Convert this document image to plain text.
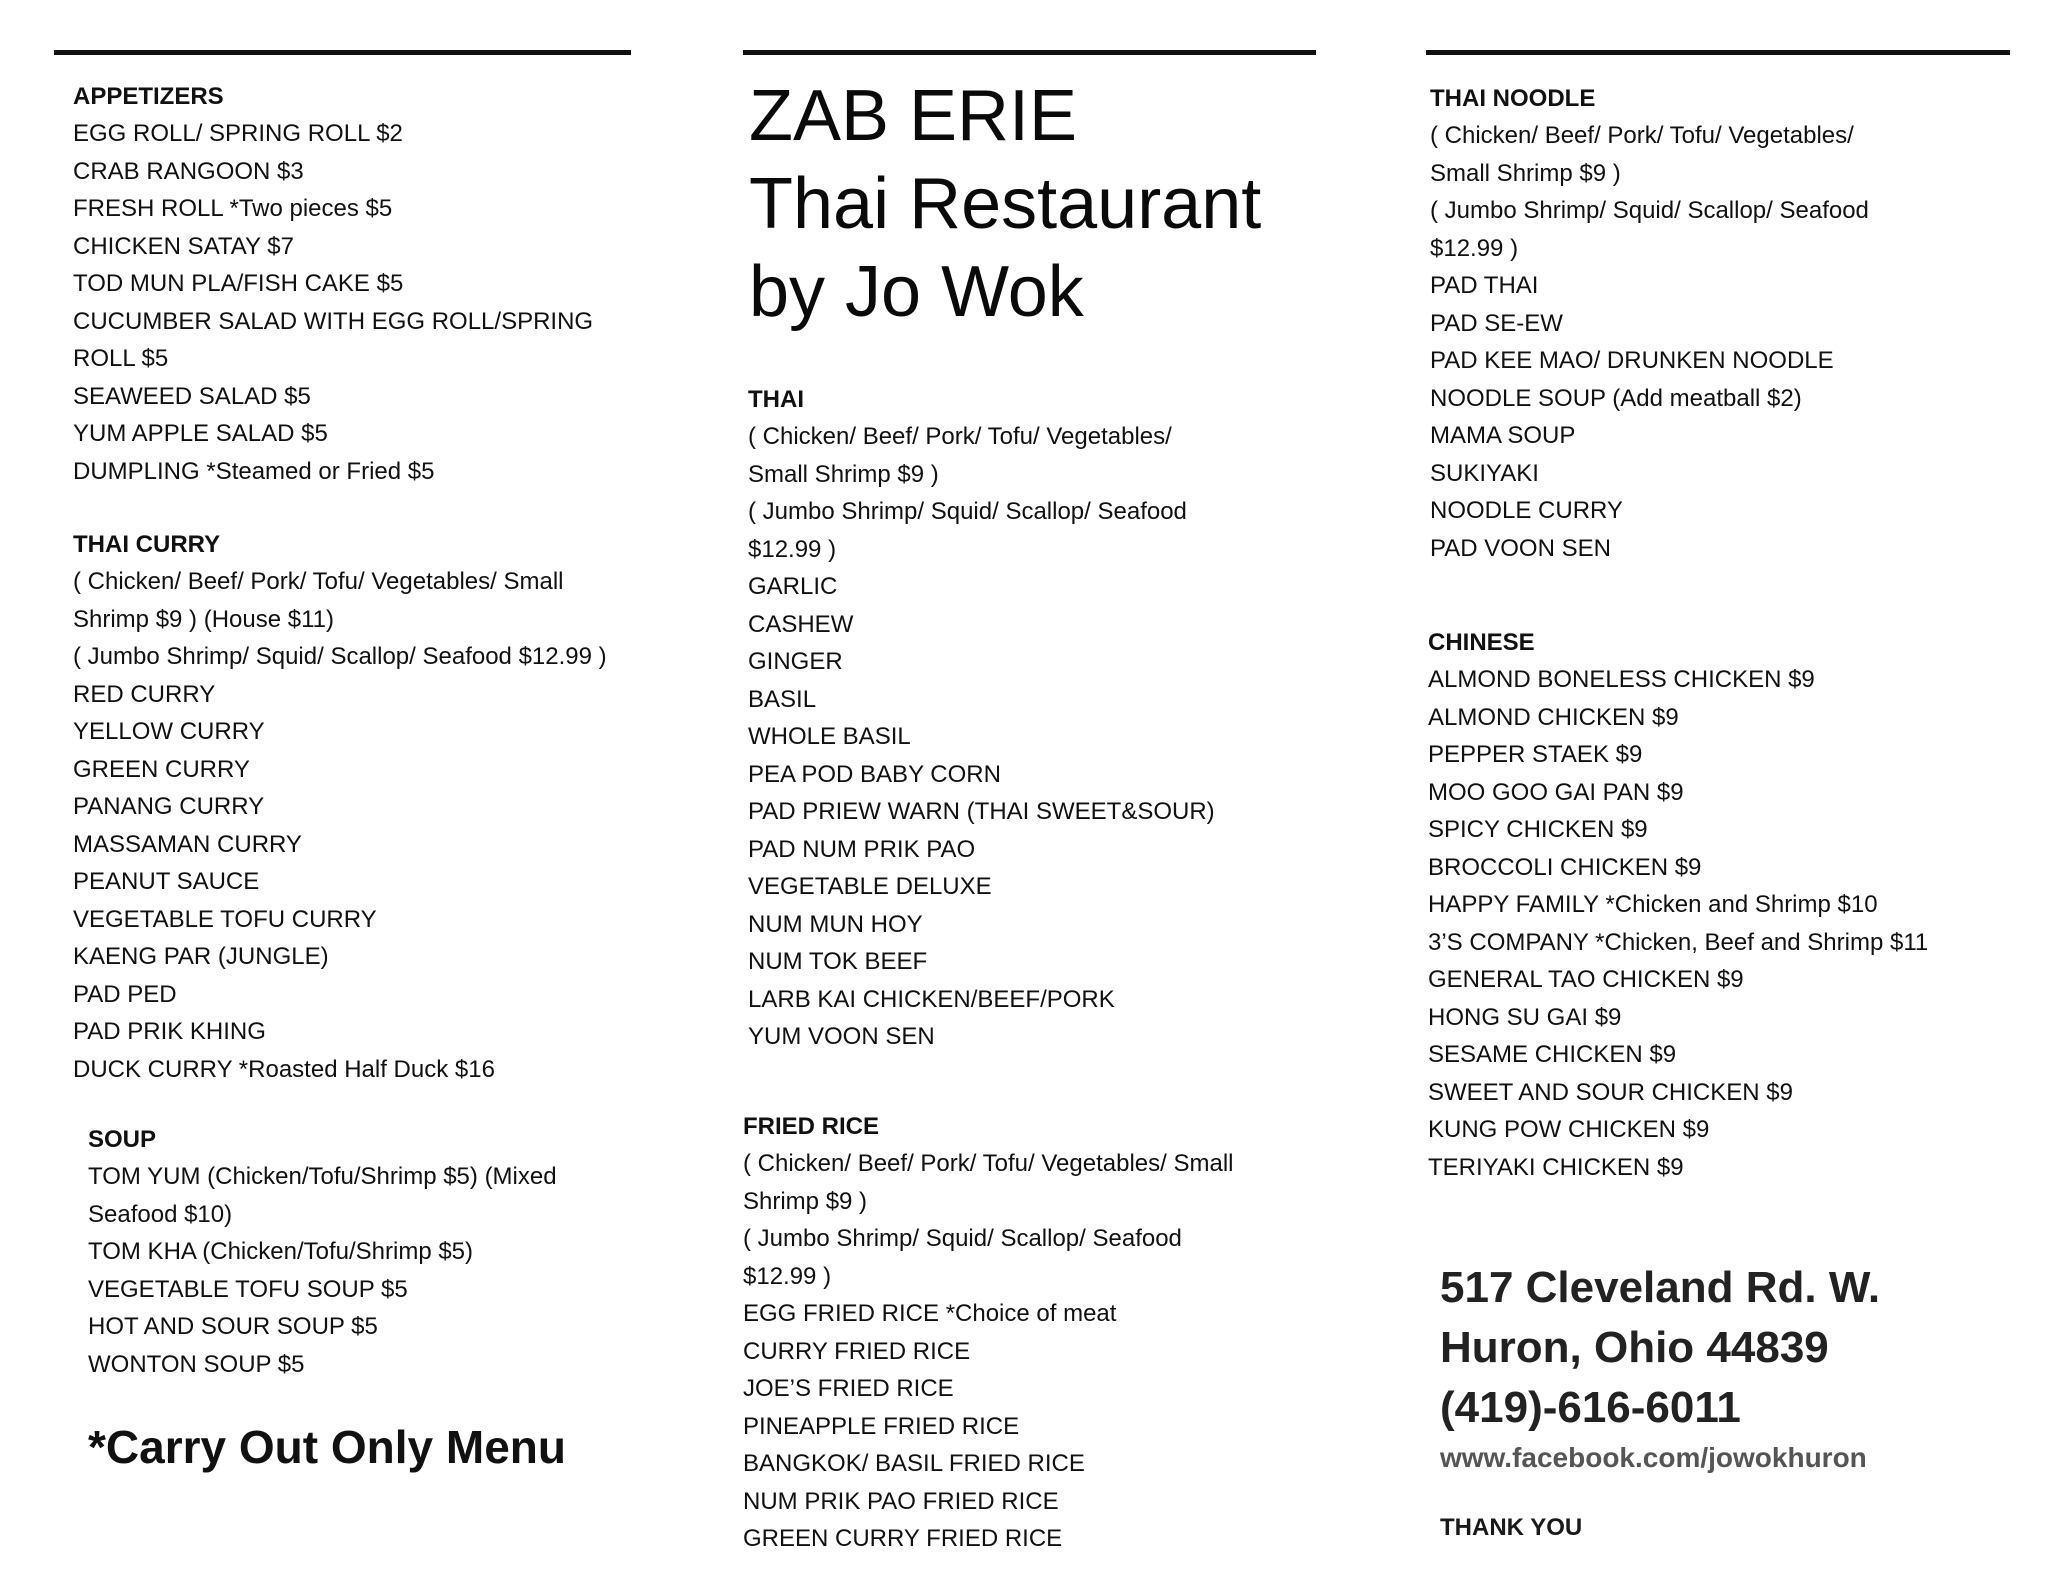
APPETIZERS
EGG ROLL/ SPRING ROLL $2
CRAB RANGOON $3
FRESH ROLL *Two pieces $5
CHICKEN SATAY $7
TOD MUN PLA/FISH CAKE $5
CUCUMBER SALAD WITH EGG ROLL/SPRING
ROLL $5
SEAWEED SALAD $5
YUM APPLE SALAD $5
DUMPLING *Steamed or Fried $5
THAI CURRY
( Chicken/ Beef/ Pork/ Tofu/ Vegetables/ Small
Shrimp $9 ) (House $11)
( Jumbo Shrimp/ Squid/ Scallop/ Seafood $12.99 )
RED CURRY
YELLOW CURRY
GREEN CURRY
PANANG CURRY
MASSAMAN CURRY
PEANUT SAUCE
VEGETABLE TOFU CURRY
KAENG PAR (JUNGLE)
PAD PED
PAD PRIK KHING
DUCK CURRY *Roasted Half Duck $16
SOUP
TOM YUM (Chicken/Tofu/Shrimp $5) (Mixed
Seafood $10)
TOM KHA (Chicken/Tofu/Shrimp $5)
VEGETABLE TOFU SOUP $5
HOT AND SOUR SOUP $5
WONTON SOUP $5
*Carry Out Only Menu
ZAB ERIE
Thai Restaurant
by Jo Wok
THAI
( Chicken/ Beef/ Pork/ Tofu/ Vegetables/
Small Shrimp $9 )
( Jumbo Shrimp/ Squid/ Scallop/ Seafood
$12.99 )
GARLIC
CASHEW
GINGER
BASIL
WHOLE BASIL
PEA POD BABY CORN
PAD PRIEW WARN (THAI SWEET&SOUR)
PAD NUM PRIK PAO
VEGETABLE DELUXE
NUM MUN HOY
NUM TOK BEEF
LARB KAI CHICKEN/BEEF/PORK
YUM VOON SEN
FRIED RICE
( Chicken/ Beef/ Pork/ Tofu/ Vegetables/ Small
Shrimp $9 )
( Jumbo Shrimp/ Squid/ Scallop/ Seafood
$12.99 )
EGG FRIED RICE *Choice of meat
CURRY FRIED RICE
JOE’S FRIED RICE
PINEAPPLE FRIED RICE
BANGKOK/ BASIL FRIED RICE
NUM PRIK PAO FRIED RICE
GREEN CURRY FRIED RICE
THAI NOODLE
( Chicken/ Beef/ Pork/ Tofu/ Vegetables/
Small Shrimp $9 )
( Jumbo Shrimp/ Squid/ Scallop/ Seafood
$12.99 )
PAD THAI
PAD SE-EW
PAD KEE MAO/ DRUNKEN NOODLE
NOODLE SOUP (Add meatball $2)
MAMA SOUP
SUKIYAKI
NOODLE CURRY
PAD VOON SEN
CHINESE
ALMOND BONELESS CHICKEN $9
ALMOND CHICKEN $9
PEPPER STAEK $9
MOO GOO GAI PAN $9
SPICY CHICKEN $9
BROCCOLI CHICKEN $9
HAPPY FAMILY *Chicken and Shrimp $10
3’S COMPANY *Chicken, Beef and Shrimp $11
GENERAL TAO CHICKEN $9
HONG SU GAI $9
SESAME CHICKEN $9
SWEET AND SOUR CHICKEN $9
KUNG POW CHICKEN $9
TERIYAKI CHICKEN $9
517 Cleveland Rd. W.
Huron, Ohio 44839
(419)-616-6011
www.facebook.com/jowokhuron
THANK YOU
